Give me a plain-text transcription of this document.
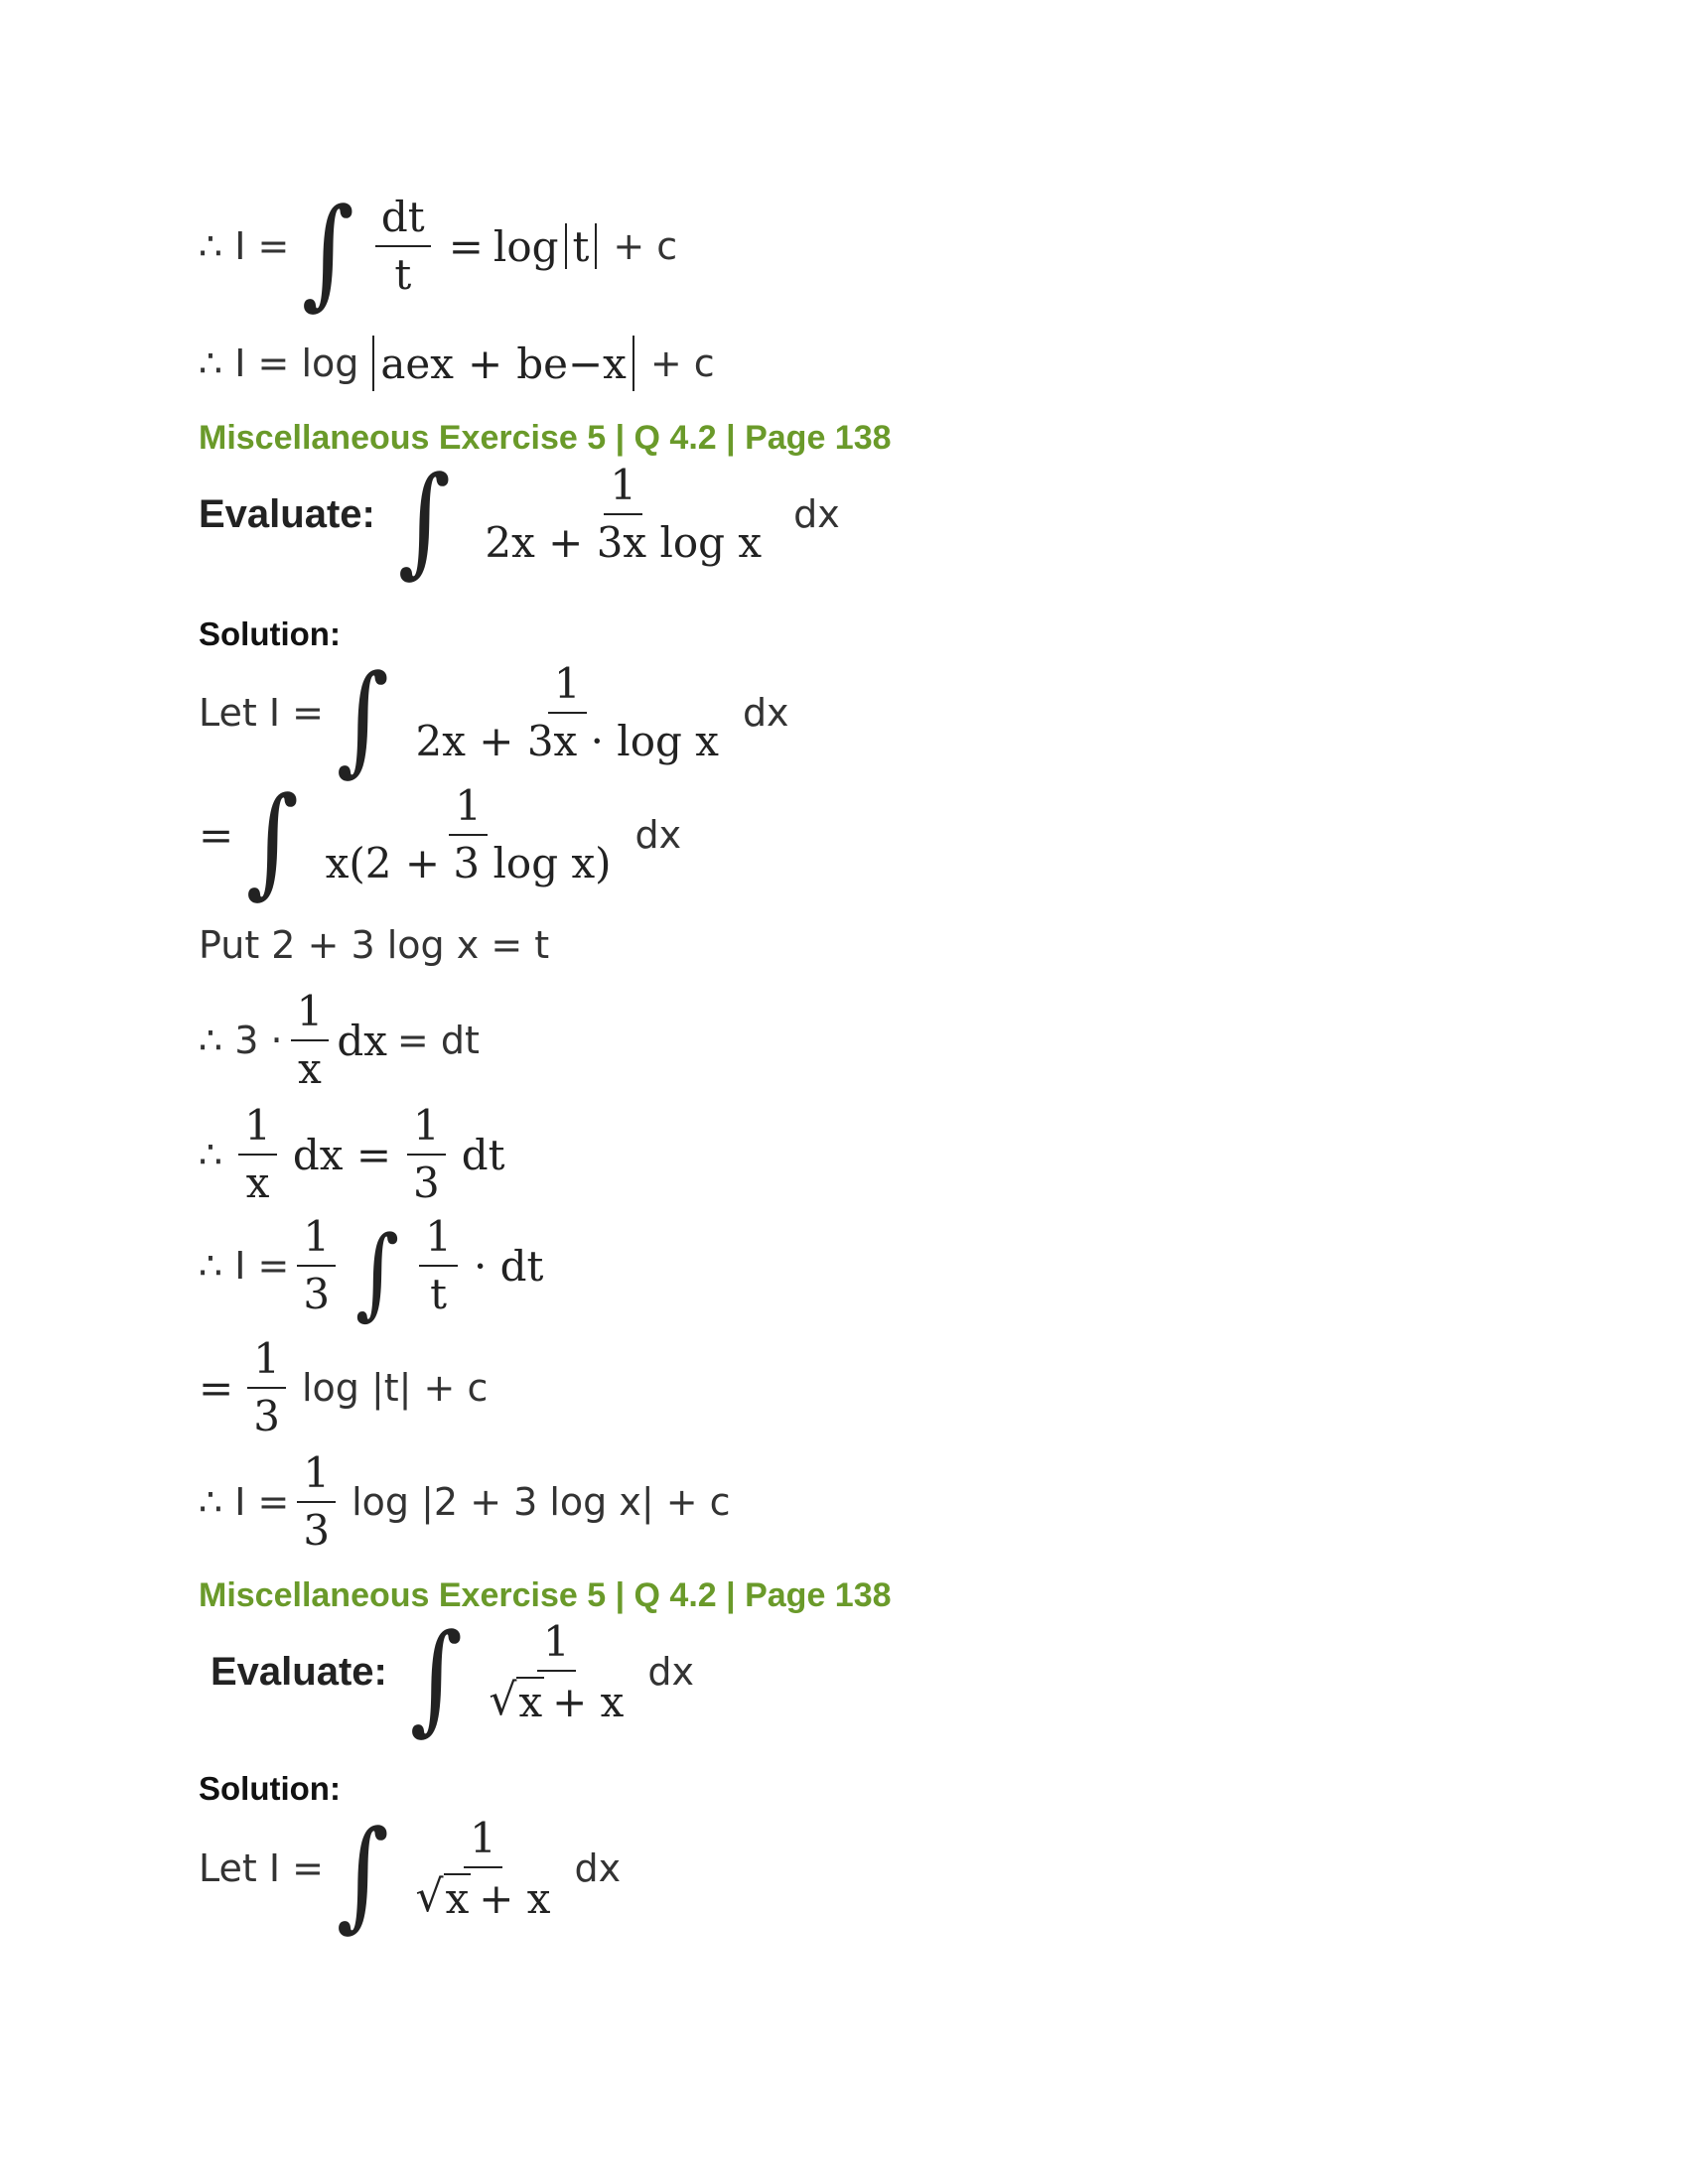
∴ I = ∫ $\frac{dt}{t} = \log t + c$
∴ I = log ae x + be −x + c
Miscellaneous Exercise 5 | Q 4.2 | Page 138
Evaluate: ∫ $\frac{1}{\text{2x + 3x log x}}$ dx
Solution:
Let I = ∫ $\frac{1}{\text{2x + 3x · log x}}$ dx
= ∫ $\frac{1}{\text{x(2 + 3 log x)}}$ dx
Put 2 + 3 log x = t
∴ $3 \cdot \frac{1}{x}$ dx = dt
∴ $\frac{1}{x}$ dx = $\frac{1}{3}$ dt
∴ $I = \frac{1}{3}$ ∫ $\frac{1}{t}$ · dt
= $\frac{1}{3}$ log |t| + c
∴ $I = \frac{1}{3}$ log |2 + 3 log x| + c
Miscellaneous Exercise 5 | Q 4.2 | Page 138
Evaluate: ∫ $\frac{1}{√ x + x}$ dx
Solution:
Let I = ∫ $\frac{1}{√ x + x}$ dx
